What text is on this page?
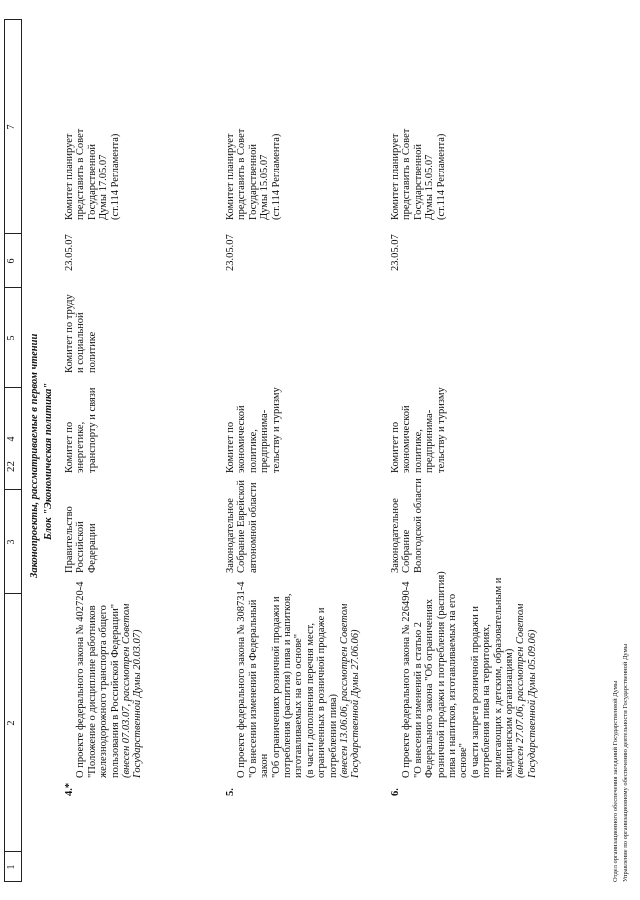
22
1
2
3
4
5
6
7
Законопроекты, рассматриваемые в первом чтении Блок "Экономическая политика"
4.*

О проекте федерального закона № 402720-4
"Положение о дисциплине работников
железнодорожного транспорта общего
пользования в Российской Федерации"
(внесен 07.03.07, рассмотрен Советом
Государственной Думы 20.03.07)

Правительство
Российской
Федерации
Комитет по
энергетике,
транспорту и связи
Комитет по труду
и социальной
политике
23.05.07
Комитет планирует
представить в Совет
Государственной
Думы 17.05.07
(ст.114 Регламента)
5.

О проекте федерального закона № 308731-4
"О внесении изменений в Федеральный закон
"Об ограничениях розничной продажи и
потребления (распития) пива и напитков,
изготавливаемых на его основе"
(в части дополнения перечня мест,
ограниченных в розничной продаже и
потреблении пива)
(внесен 13.06.06, рассмотрен Советом
Государственной Думы 27.06.06)

Законодательное
Собрание Еврейской
автономной области
Комитет по
экономической
политике,
предпринима-
тельству и туризму
23.05.07
Комитет планирует
представить в Совет
Государственной
Думы 15.05.07
(ст.114 Регламента)
6.

О проекте федерального закона № 226490-4
"О внесении изменений в статью 2
Федерального закона "Об ограничениях
розничной продажи и потребления (распития)
пива и напитков, изготавливаемых на его
основe"
(в части запрета розничной продажи и
потребления пива на территориях,
прилегающих к детским, образовательным и
медицинским организациям)
(внесен 27.07.06, рассмотрен Советом
Государственной Думы 05.09.06)

Законодательное
Собрание
Вологодской области
Комитет по
экономической
политике,
предпринима-
тельству и туризму
23.05.07
Комитет планирует
представить в Совет
Государственной
Думы 15.05.07
(ст.114 Регламента)
Отдел организационного обеспечения заседаний Государственной Думы Управление по организационному обеспечению деятельности Государственной Думы
